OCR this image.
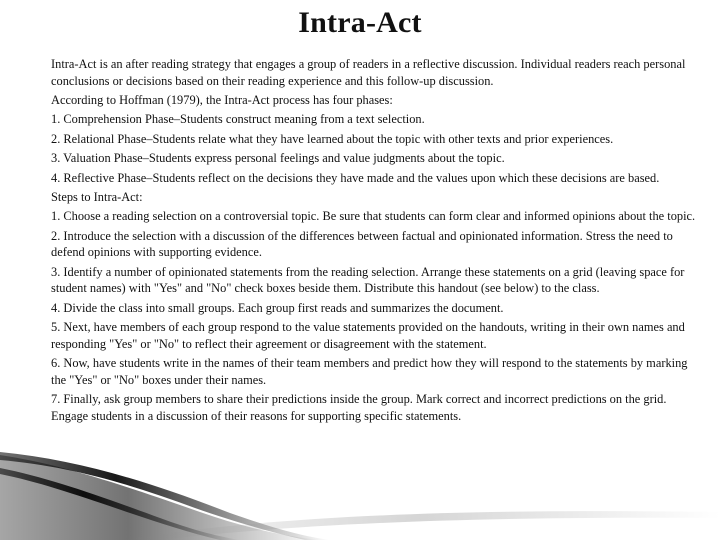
Intra-Act

Intra-Act is an after reading strategy that engages a group of readers in a reflective discussion. Individual readers reach personal conclusions or decisions based on their reading experience and this follow-up discussion.

According to Hoffman (1979), the Intra-Act process has four phases:

1. Comprehension Phase–Students construct meaning from a text selection.

2. Relational Phase–Students relate what they have learned about the topic with other texts and prior experiences.

3. Valuation Phase–Students express personal feelings and value judgments about the topic.

4. Reflective Phase–Students reflect on the decisions they have made and the values upon which these decisions are based.

Steps to Intra-Act:

1. Choose a reading selection on a controversial topic. Be sure that students can form clear and informed opinions about the topic.

2. Introduce the selection with a discussion of the differences between factual and opinionated information. Stress the need to defend opinions with supporting evidence.

3. Identify a number of opinionated statements from the reading selection. Arrange these statements on a grid (leaving space for student names) with "Yes" and "No" check boxes beside them. Distribute this handout (see below) to the class.

4. Divide the class into small groups. Each group first reads and summarizes the document.

5. Next, have members of each group respond to the value statements provided on the handouts, writing in their own names and responding "Yes" or "No" to reflect their agreement or disagreement with the statement.

6. Now, have students write in the names of their team members and predict how they will respond to the statements by marking the "Yes" or "No" boxes under their names.

7. Finally, ask group members to share their predictions inside the group. Mark correct and incorrect predictions on the grid. Engage students in a discussion of their reasons for supporting specific statements.
